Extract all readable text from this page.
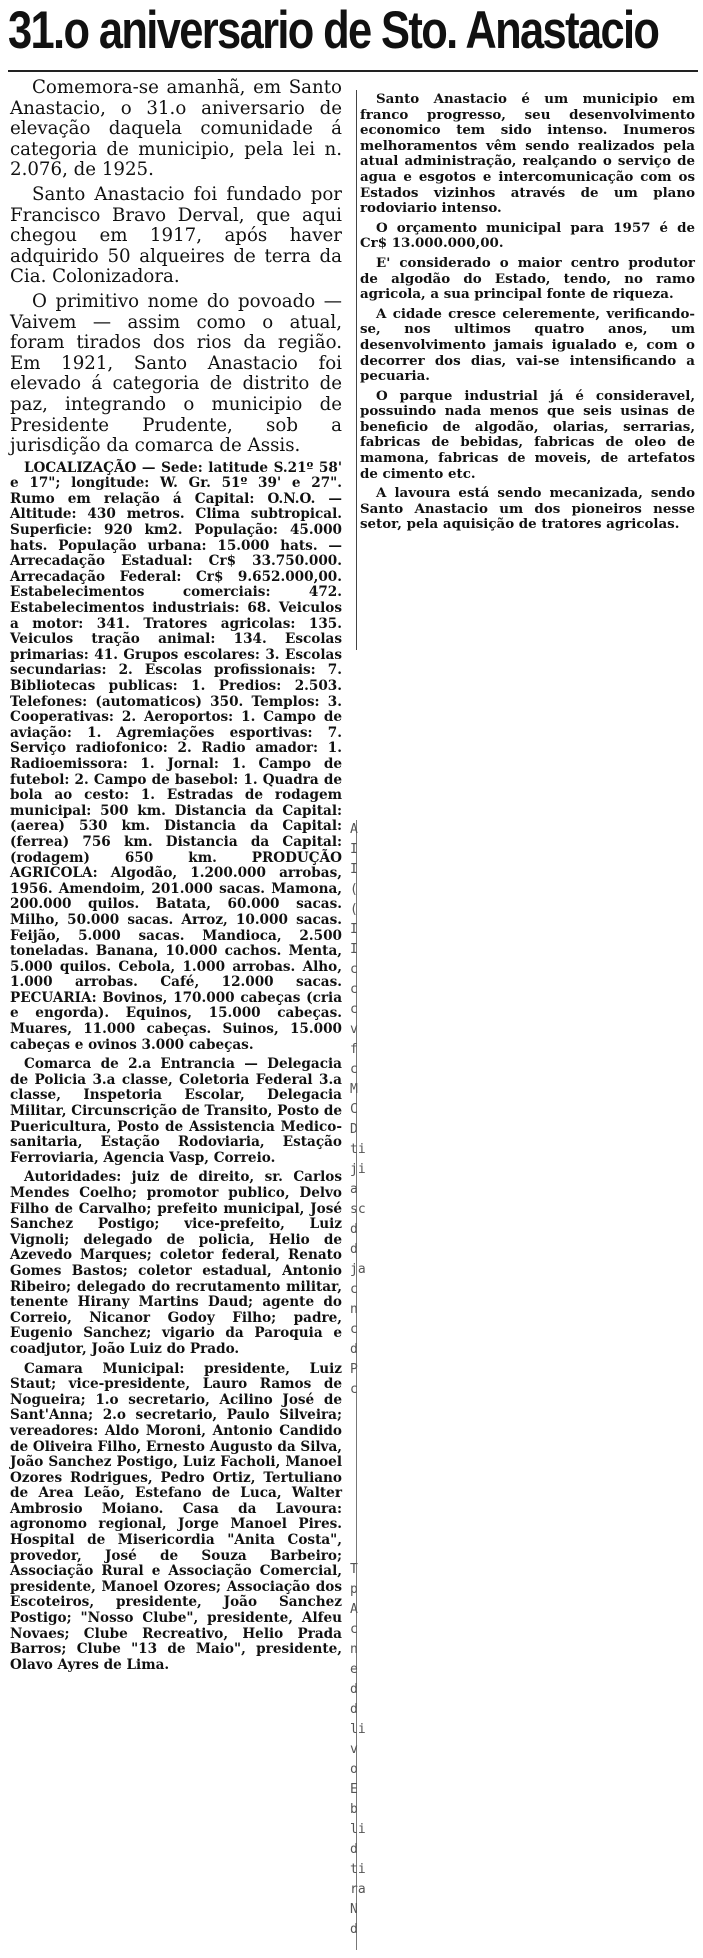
31.o aniversario de Sto. Anastacio

Comemora-se amanhã, em Santo Anastacio, o 31.o aniversario de elevação daquela comunidade á categoria de municipio, pela lei n. 2.076, de 1925.

Santo Anastacio foi fundado por Francisco Bravo Derval, que aqui chegou em 1917, após haver adquirido 50 alqueires de terra da Cia. Colonizadora.

O primitivo nome do povoado — Vaivem — assim como o atual, foram tirados dos rios da região. Em 1921, Santo Anastacio foi elevado á categoria de distrito de paz, integrando o municipio de Presidente Prudente, sob a jurisdição da comarca de Assis.

LOCALIZAÇÃO — Sede: latitude S.21º 58' e 17"; longitude: W. Gr. 51º 39' e 27". Rumo em relação á Capital: O.N.O. — Altitude: 430 metros. Clima subtropical. Superficie: 920 km2. População: 45.000 hats. População urbana: 15.000 hats. — Arrecadação Estadual: Cr$ 33.750.000. Arrecadação Federal: Cr$ 9.652.000,00. Estabelecimentos comerciais: 472. Estabelecimentos industriais: 68. Veiculos a motor: 341. Tratores agricolas: 135. Veiculos tração animal: 134. Escolas primarias: 41. Grupos escolares: 3. Escolas secundarias: 2. Escolas profissionais: 7. Bibliotecas publicas: 1. Predios: 2.503. Telefones: (automaticos) 350. Templos: 3. Cooperativas: 2. Aeroportos: 1. Campo de aviação: 1. Agremiações esportivas: 7. Serviço radiofonico: 2. Radio amador: 1. Radioemissora: 1. Jornal: 1. Campo de futebol: 2. Campo de basebol: 1. Quadra de bola ao cesto: 1. Estradas de rodagem municipal: 500 km. Distancia da Capital: (aerea) 530 km. Distancia da Capital: (ferrea) 756 km. Distancia da Capital: (rodagem) 650 km. PRODUÇÃO AGRICOLA: Algodão, 1.200.000 arrobas, 1956. Amendoim, 201.000 sacas. Mamona, 200.000 quilos. Batata, 60.000 sacas. Milho, 50.000 sacas. Arroz, 10.000 sacas. Feijão, 5.000 sacas. Mandioca, 2.500 toneladas. Banana, 10.000 cachos. Menta, 5.000 quilos. Cebola, 1.000 arrobas. Alho, 1.000 arrobas. Café, 12.000 sacas. PECUARIA: Bovinos, 170.000 cabeças (cria e engorda). Equinos, 15.000 cabeças. Muares, 11.000 cabeças. Suinos, 15.000 cabeças e ovinos 3.000 cabeças.

Comarca de 2.a Entrancia — Delegacia de Policia 3.a classe, Coletoria Federal 3.a classe, Inspetoria Escolar, Delegacia Militar, Circunscrição de Transito, Posto de Puericultura, Posto de Assistencia Medico-sanitaria, Estação Rodoviaria, Estação Ferroviaria, Agencia Vasp, Correio.

Autoridades: juiz de direito, sr. Carlos Mendes Coelho; promotor publico, Delvo Filho de Carvalho; prefeito municipal, José Sanchez Postigo; vice-prefeito, Luiz Vignoli; delegado de policia, Helio de Azevedo Marques; coletor federal, Renato Gomes Bastos; coletor estadual, Antonio Ribeiro; delegado do recrutamento militar, tenente Hirany Martins Daud; agente do Correio, Nicanor Godoy Filho; padre, Eugenio Sanchez; vigario da Paroquia e coadjutor, João Luiz do Prado.

Camara Municipal: presidente, Luiz Staut; vice-presidente, Lauro Ramos de Nogueira; 1.o secretario, Acilino José de Sant'Anna; 2.o secretario, Paulo Silveira; vereadores: Aldo Moroni, Antonio Candido de Oliveira Filho, Ernesto Augusto da Silva, João Sanchez Postigo, Luiz Facholi, Manoel Ozores Rodrigues, Pedro Ortiz, Tertuliano de Area Leão, Estefano de Luca, Walter Ambrosio Moiano. Casa da Lavoura: agronomo regional, Jorge Manoel Pires. Hospital de Misericordia "Anita Costa", provedor, José de Souza Barbeiro; Associação Rural e Associação Comercial, presidente, Manoel Ozores; Associação dos Escoteiros, presidente, João Sanchez Postigo; "Nosso Clube", presidente, Alfeu Novaes; Clube Recreativo, Helio Prada Barros; Clube "13 de Maio", presidente, Olavo Ayres de Lima.

Santo Anastacio é um municipio em franco progresso, seu desenvolvimento economico tem sido intenso. Inumeros melhoramentos vêm sendo realizados pela atual administração, realçando o serviço de agua e esgotos e intercomunicação com os Estados vizinhos através de um plano rodoviario intenso.

O orçamento municipal para 1957 é de Cr$ 13.000.000,00.

E' considerado o maior centro produtor de algodão do Estado, tendo, no ramo agricola, a sua principal fonte de riqueza.

A cidade cresce celeremente, verificando-se, nos ultimos quatro anos, um desenvolvimento jamais igualado e, com o decorrer dos dias, vai-se intensificando a pecuaria.

O parque industrial já é consideravel, possuindo nada menos que seis usinas de beneficio de algodão, olarias, serrarias, fabricas de bebidas, fabricas de oleo de mamona, fabricas de moveis, de artefatos de cimento etc.

A lavoura está sendo mecanizada, sendo Santo Anastacio um dos pioneiros nesse setor, pela aquisição de tratores agricolas.

A
I
I
(
(
I
I
c
c
c
v
f
c
M
C
D
ti
ji
a
sc
d
d
ja
c
n
c
d
P
c
T
p
A
c
n
e
d
d
li
v
o
E
b
li
d
ti
ra
N
d
